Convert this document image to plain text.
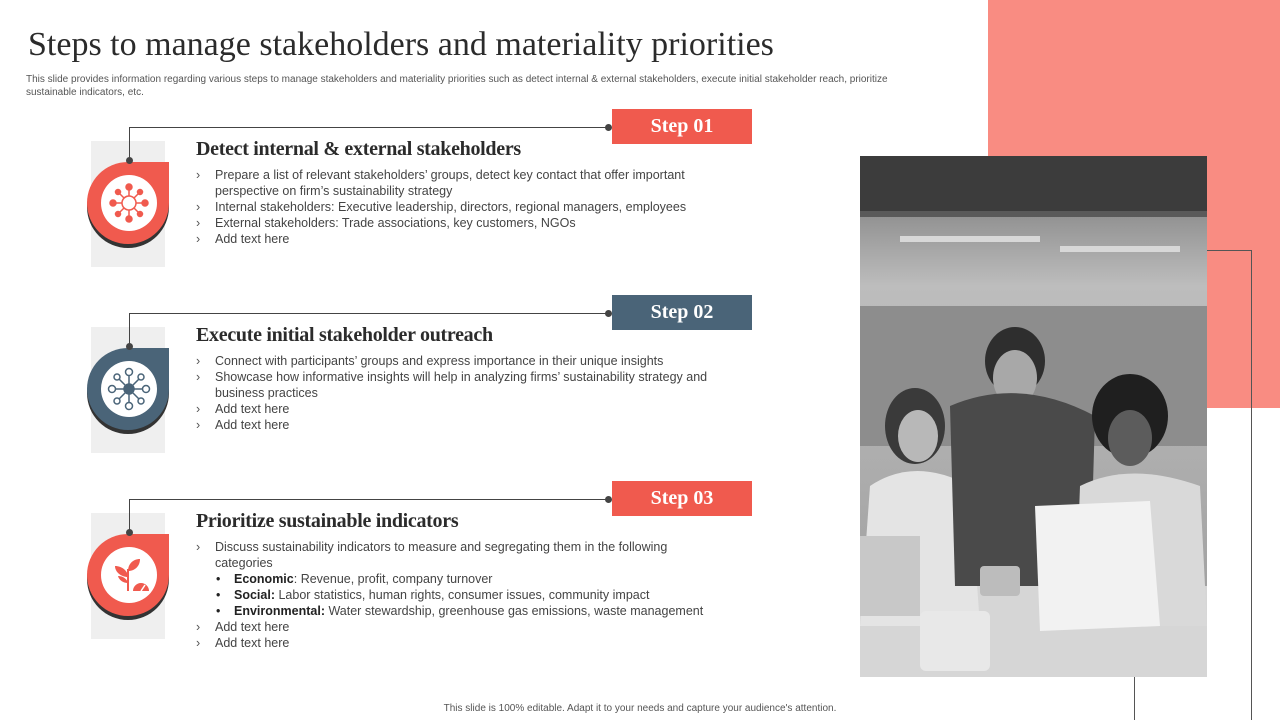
Steps to manage stakeholders and materiality priorities
This slide provides information regarding various steps to manage stakeholders and materiality priorities such as detect internal & external stakeholders, execute initial stakeholder reach, prioritize sustainable indicators, etc.
Step 01
Detect internal & external stakeholders
› Prepare a list of relevant stakeholders’ groups, detect key contact that offer important perspective on firm’s sustainability strategy
› Internal stakeholders: Executive leadership, directors, regional managers, employees
› External stakeholders: Trade associations, key customers, NGOs
› Add text here
Step 02
Execute initial stakeholder outreach
› Connect with participants’ groups and express importance in their unique insights
› Showcase how informative insights will help in analyzing firms’ sustainability strategy and business practices
› Add text here
› Add text here
Step 03
Prioritize sustainable indicators
› Discuss sustainability indicators to measure and segregating them in the following categories
• Economic: Revenue, profit, company turnover
• Social: Labor statistics, human rights, consumer issues, community impact
• Environmental: Water stewardship, greenhouse gas emissions, waste management
› Add text here
› Add text here
This slide is 100% editable. Adapt it to your needs and capture your audience's attention.
